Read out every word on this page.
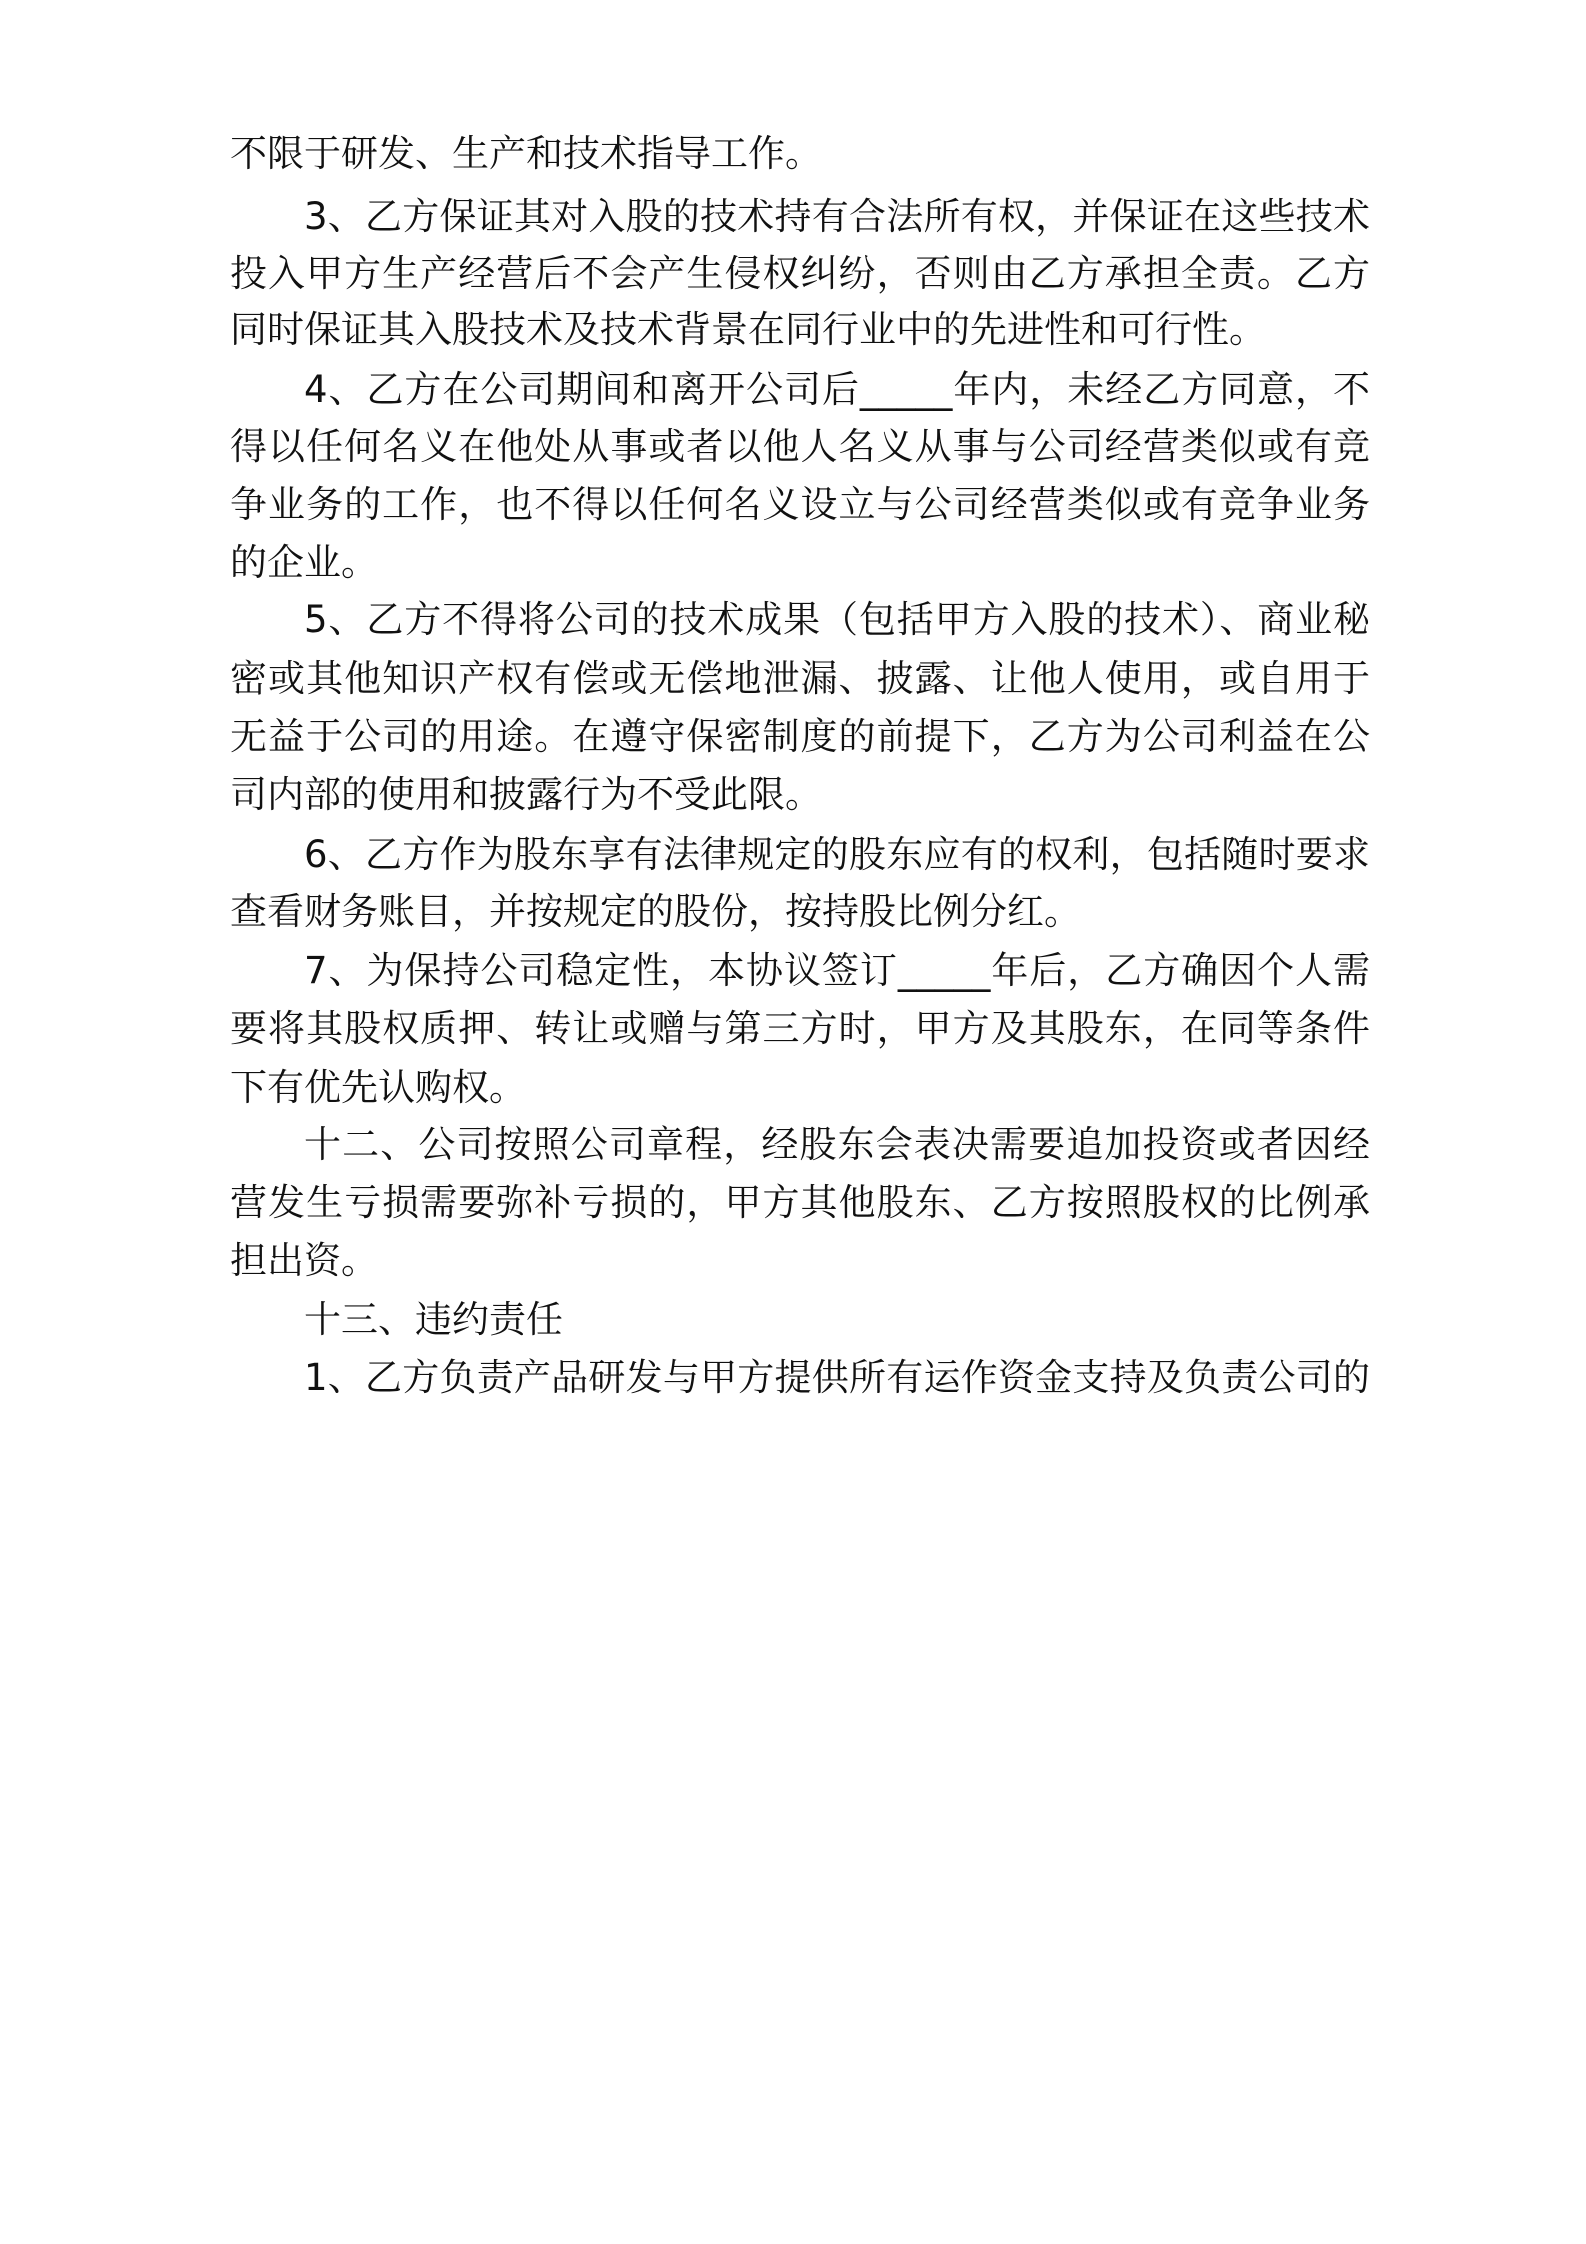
不限于研发、生产和技术指导工作。

3、乙方保证其对入股的技术持有合法所有权，并保证在这些技术

投入甲方生产经营后不会产生侵权纠纷，否则由乙方承担全责。乙方

同时保证其入股技术及技术背景在同行业中的先进性和可行性。

4、乙方在公司期间和离开公司后_____年内，未经乙方同意，不

得以任何名义在他处从事或者以他人名义从事与公司经营类似或有竞

争业务的工作，也不得以任何名义设立与公司经营类似或有竞争业务

的企业。

5、乙方不得将公司的技术成果（包括甲方入股的技术）、商业秘

密或其他知识产权有偿或无偿地泄漏、披露、让他人使用，或自用于

无益于公司的用途。在遵守保密制度的前提下，乙方为公司利益在公

司内部的使用和披露行为不受此限。

6、乙方作为股东享有法律规定的股东应有的权利，包括随时要求

查看财务账目，并按规定的股份，按持股比例分红。

7、为保持公司稳定性，本协议签订_____年后，乙方确因个人需

要将其股权质押、转让或赠与第三方时，甲方及其股东，在同等条件

下有优先认购权。

十二、公司按照公司章程，经股东会表决需要追加投资或者因经

营发生亏损需要弥补亏损的，甲方其他股东、乙方按照股权的比例承

担出资。

十三、违约责任

1、乙方负责产品研发与甲方提供所有运作资金支持及负责公司的
